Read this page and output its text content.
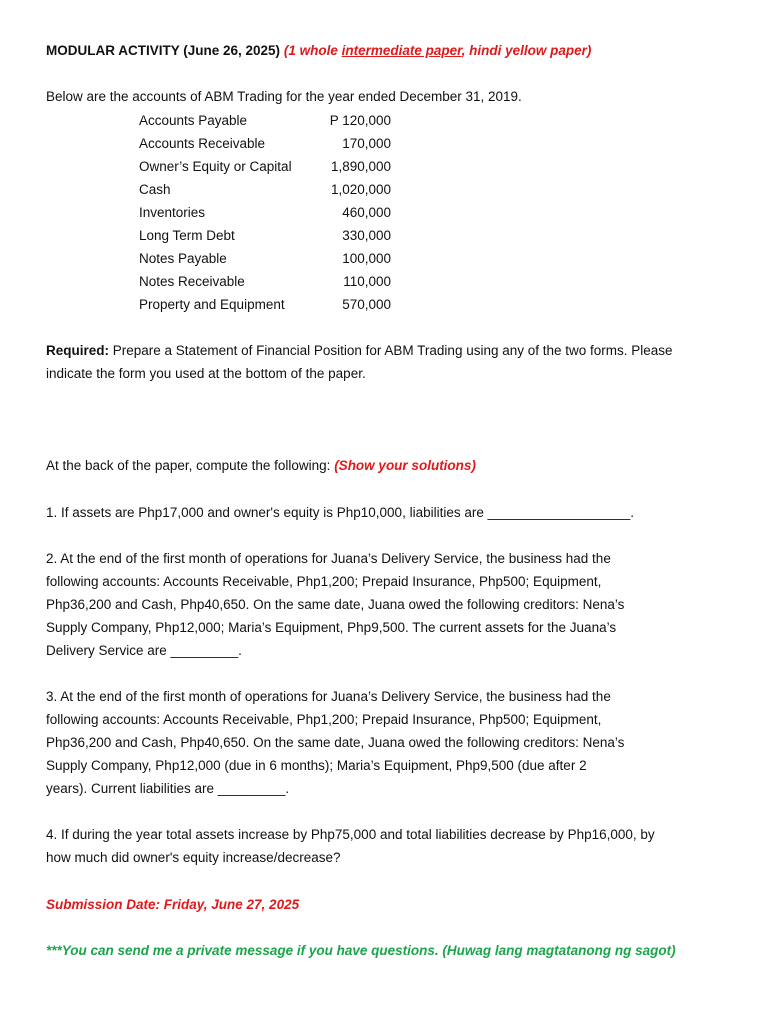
MODULAR ACTIVITY (June 26, 2025) (1 whole intermediate paper, hindi yellow paper)
Below are the accounts of ABM Trading for the year ended December 31, 2019.
Accounts Payable	P 120,000
Accounts Receivable	170,000
Owner’s Equity or Capital	1,890,000
Cash	1,020,000
Inventories	460,000
Long Term Debt	330,000
Notes Payable	100,000
Notes Receivable	110,000
Property and Equipment	570,000
Required: Prepare a Statement of Financial Position for ABM Trading using any of the two forms. Please
indicate the form you used at the bottom of the paper.
At the back of the paper, compute the following: (Show your solutions)
1. If assets are Php17,000 and owner's equity is Php10,000, liabilities are ___________________.
2. At the end of the first month of operations for Juana’s Delivery Service, the business had the
following accounts: Accounts Receivable, Php1,200; Prepaid Insurance, Php500; Equipment,
Php36,200 and Cash, Php40,650. On the same date, Juana owed the following creditors: Nena’s
Supply Company, Php12,000; Maria’s Equipment, Php9,500. The current assets for the Juana’s
Delivery Service are _________.
3. At the end of the first month of operations for Juana’s Delivery Service, the business had the
following accounts: Accounts Receivable, Php1,200; Prepaid Insurance, Php500; Equipment,
Php36,200 and Cash, Php40,650. On the same date, Juana owed the following creditors: Nena’s
Supply Company, Php12,000 (due in 6 months); Maria’s Equipment, Php9,500 (due after 2
years). Current liabilities are _________.
4. If during the year total assets increase by Php75,000 and total liabilities decrease by Php16,000, by
how much did owner's equity increase/decrease?
Submission Date: Friday, June 27, 2025
***You can send me a private message if you have questions. (Huwag lang magtatanong ng sagot)
